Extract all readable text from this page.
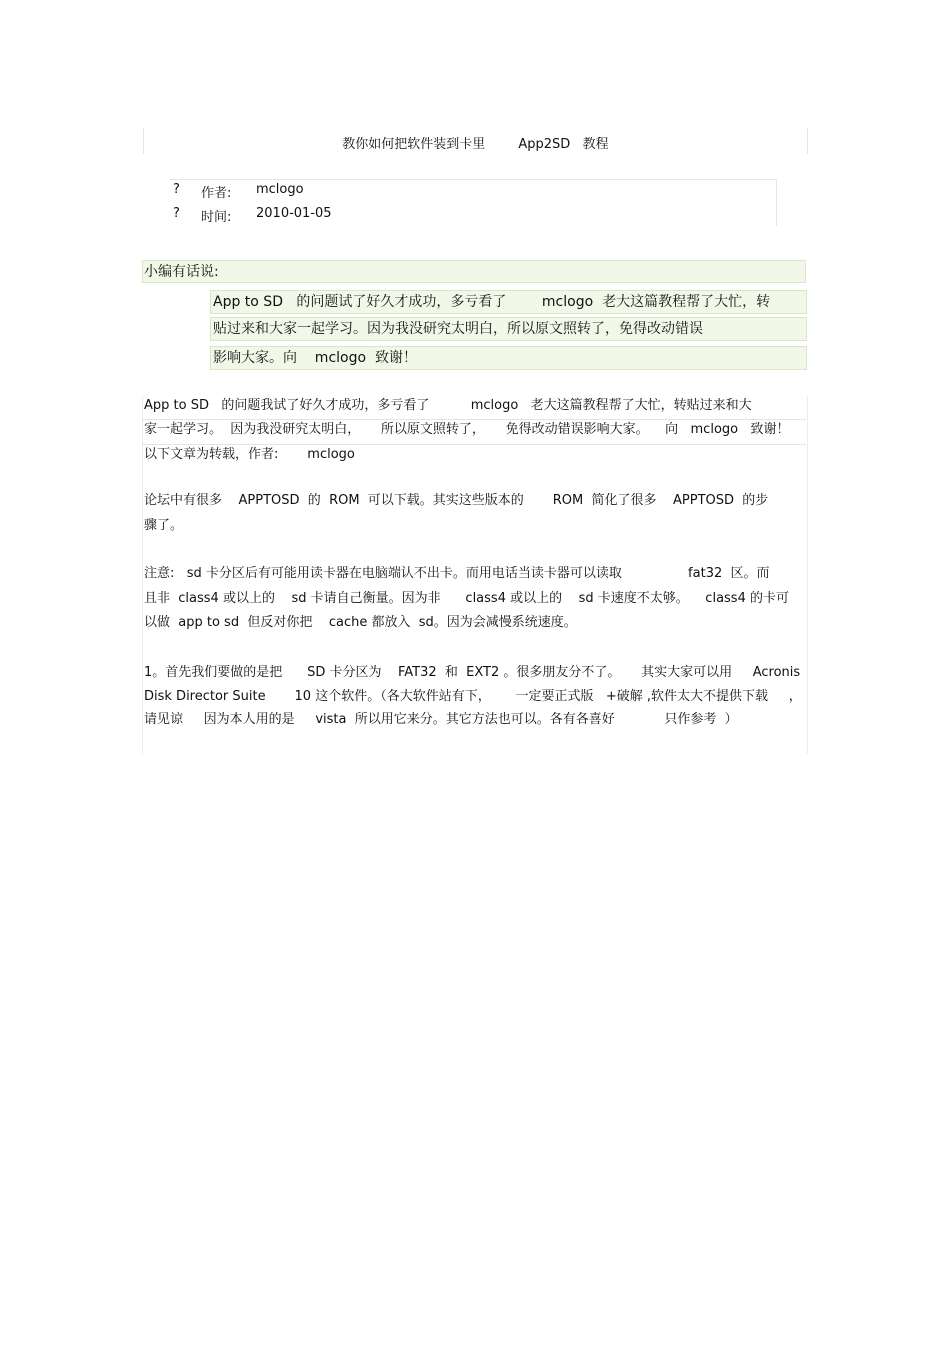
教你如何把软件装到卡里        App2SD   教程
? 作者: mclogo
? 时间: 2010-01-05
小编有话说:
App to SD   的问题试了好久才成功，多亏看了        mclogo  老大这篇教程帮了大忙，转
贴过来和大家一起学习。因为我没研究太明白，所以原文照转了，免得改动错误
影响大家。向    mclogo  致谢！
App to SD   的问题我试了好久才成功，多亏看了          mclogo   老大这篇教程帮了大忙，转贴过来和大
家一起学习。  因为我没研究太明白，     所以原文照转了，     免得改动错误影响大家。    向   mclogo   致谢！
以下文章为转载，作者:       mclogo
论坛中有很多    APPTOSD  的  ROM  可以下载。其实这些版本的       ROM  简化了很多    APPTOSD  的步
骤了。
注意:   sd 卡分区后有可能用读卡器在电脑端认不出卡。而用电话当读卡器可以读取                fat32  区。而
且非  class4 或以上的    sd 卡请自己衡量。因为非      class4 或以上的    sd 卡速度不太够。    class4 的卡可
以做  app to sd  但反对你把    cache 都放入  sd。因为会减慢系统速度。
1。首先我们要做的是把      SD 卡分区为    FAT32  和  EXT2 。很多朋友分不了。     其实大家可以用     Acronis
Disk Director Suite       10 这个软件。（各大软件站有下，      一定要正式版   +破解 ,软件太大不提供下载     ，
请见谅     因为本人用的是     vista  所以用它来分。其它方法也可以。各有各喜好            只作参考  ）
